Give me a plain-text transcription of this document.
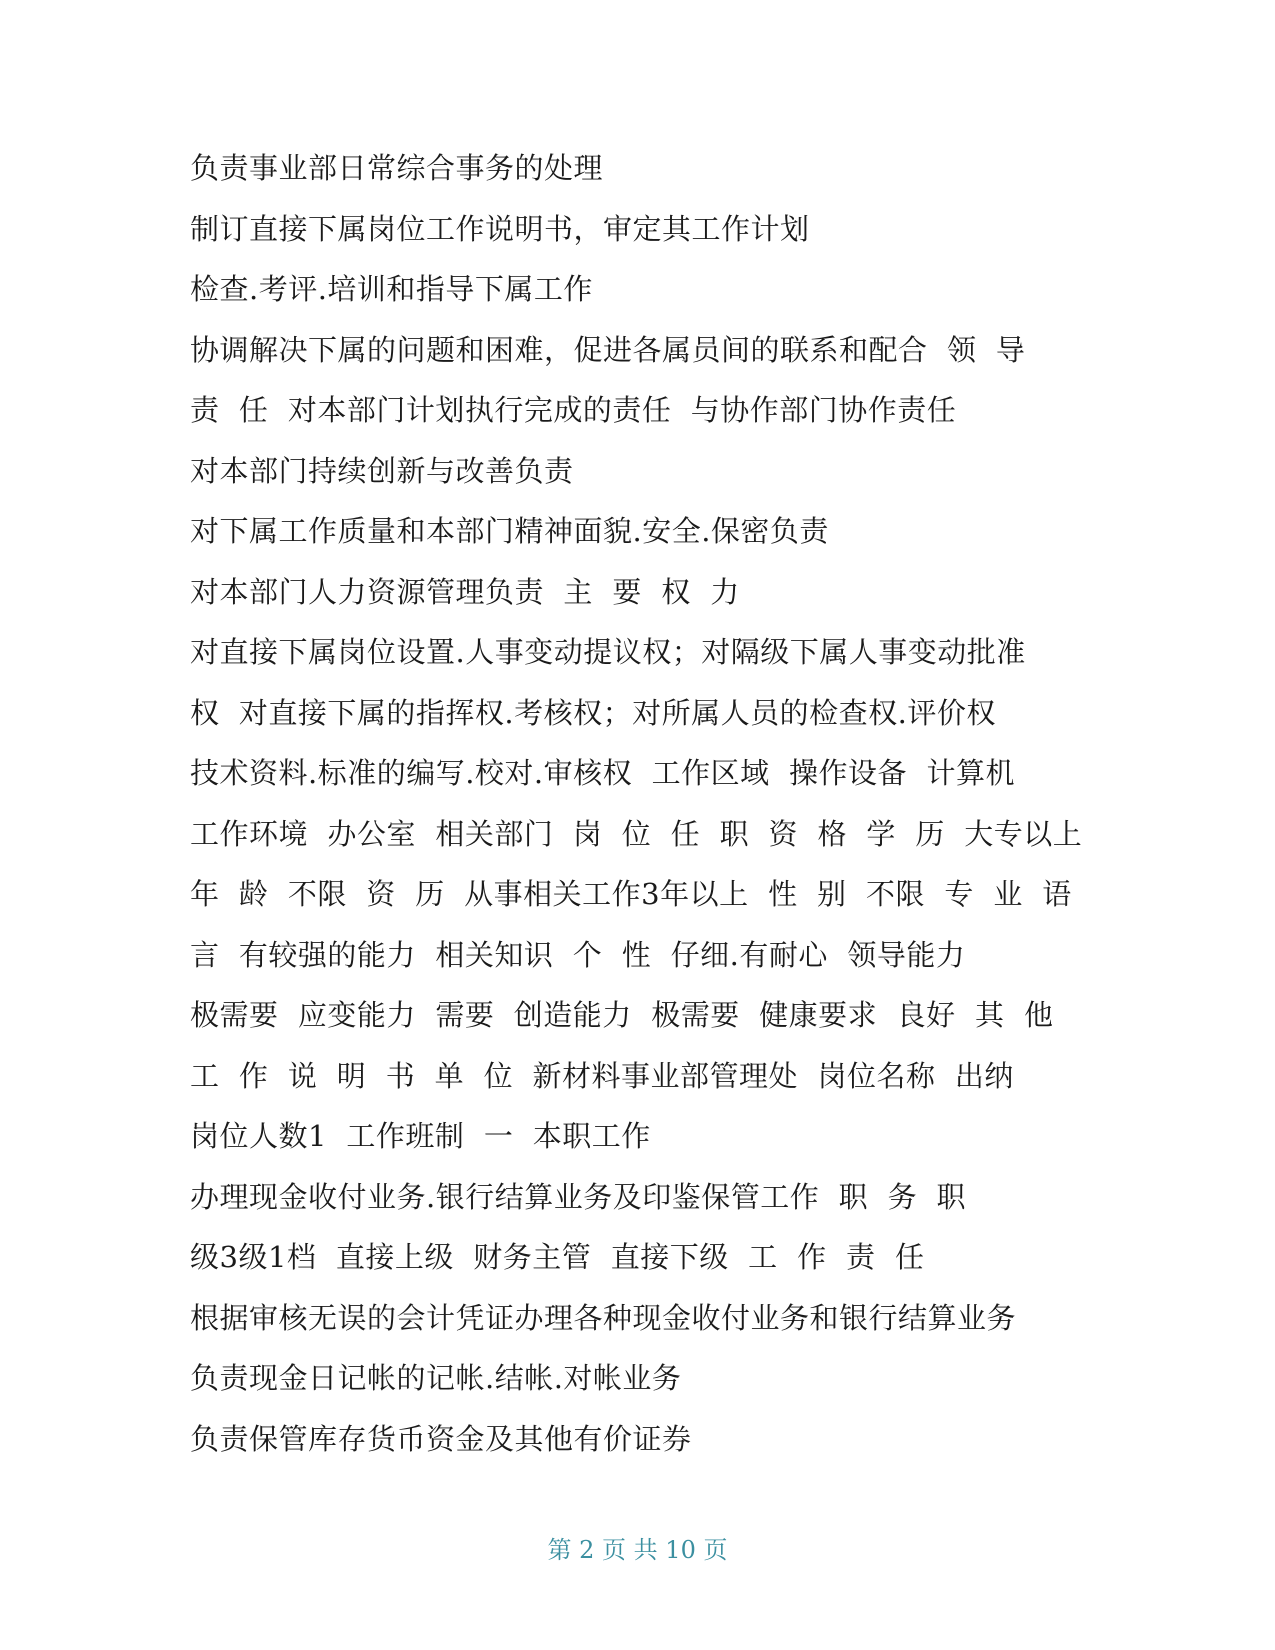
负责事业部日常综合事务的处理
制订直接下属岗位工作说明书，审定其工作计划
检查.考评.培训和指导下属工作
协调解决下属的问题和困难，促进各属员间的联系和配合  领  导
责  任  对本部门计划执行完成的责任  与协作部门协作责任
对本部门持续创新与改善负责
对下属工作质量和本部门精神面貌.安全.保密负责
对本部门人力资源管理负责  主  要  权  力
对直接下属岗位设置.人事变动提议权；对隔级下属人事变动批准
权  对直接下属的指挥权.考核权；对所属人员的检查权.评价权
技术资料.标准的编写.校对.审核权  工作区域  操作设备  计算机
工作环境  办公室  相关部门  岗  位  任  职  资  格  学  历  大专以上
年  龄  不限  资  历  从事相关工作3年以上  性  别  不限  专  业  语
言  有较强的能力  相关知识  个  性  仔细.有耐心  领导能力
极需要  应变能力  需要  创造能力  极需要  健康要求  良好  其  他
工  作  说  明  书  单  位  新材料事业部管理处  岗位名称  出纳
岗位人数1  工作班制  一  本职工作
办理现金收付业务.银行结算业务及印鉴保管工作  职  务  职
级3级1档  直接上级  财务主管  直接下级  工  作  责  任
根据审核无误的会计凭证办理各种现金收付业务和银行结算业务
负责现金日记帐的记帐.结帐.对帐业务
负责保管库存货币资金及其他有价证券
第 2 页 共 10 页
